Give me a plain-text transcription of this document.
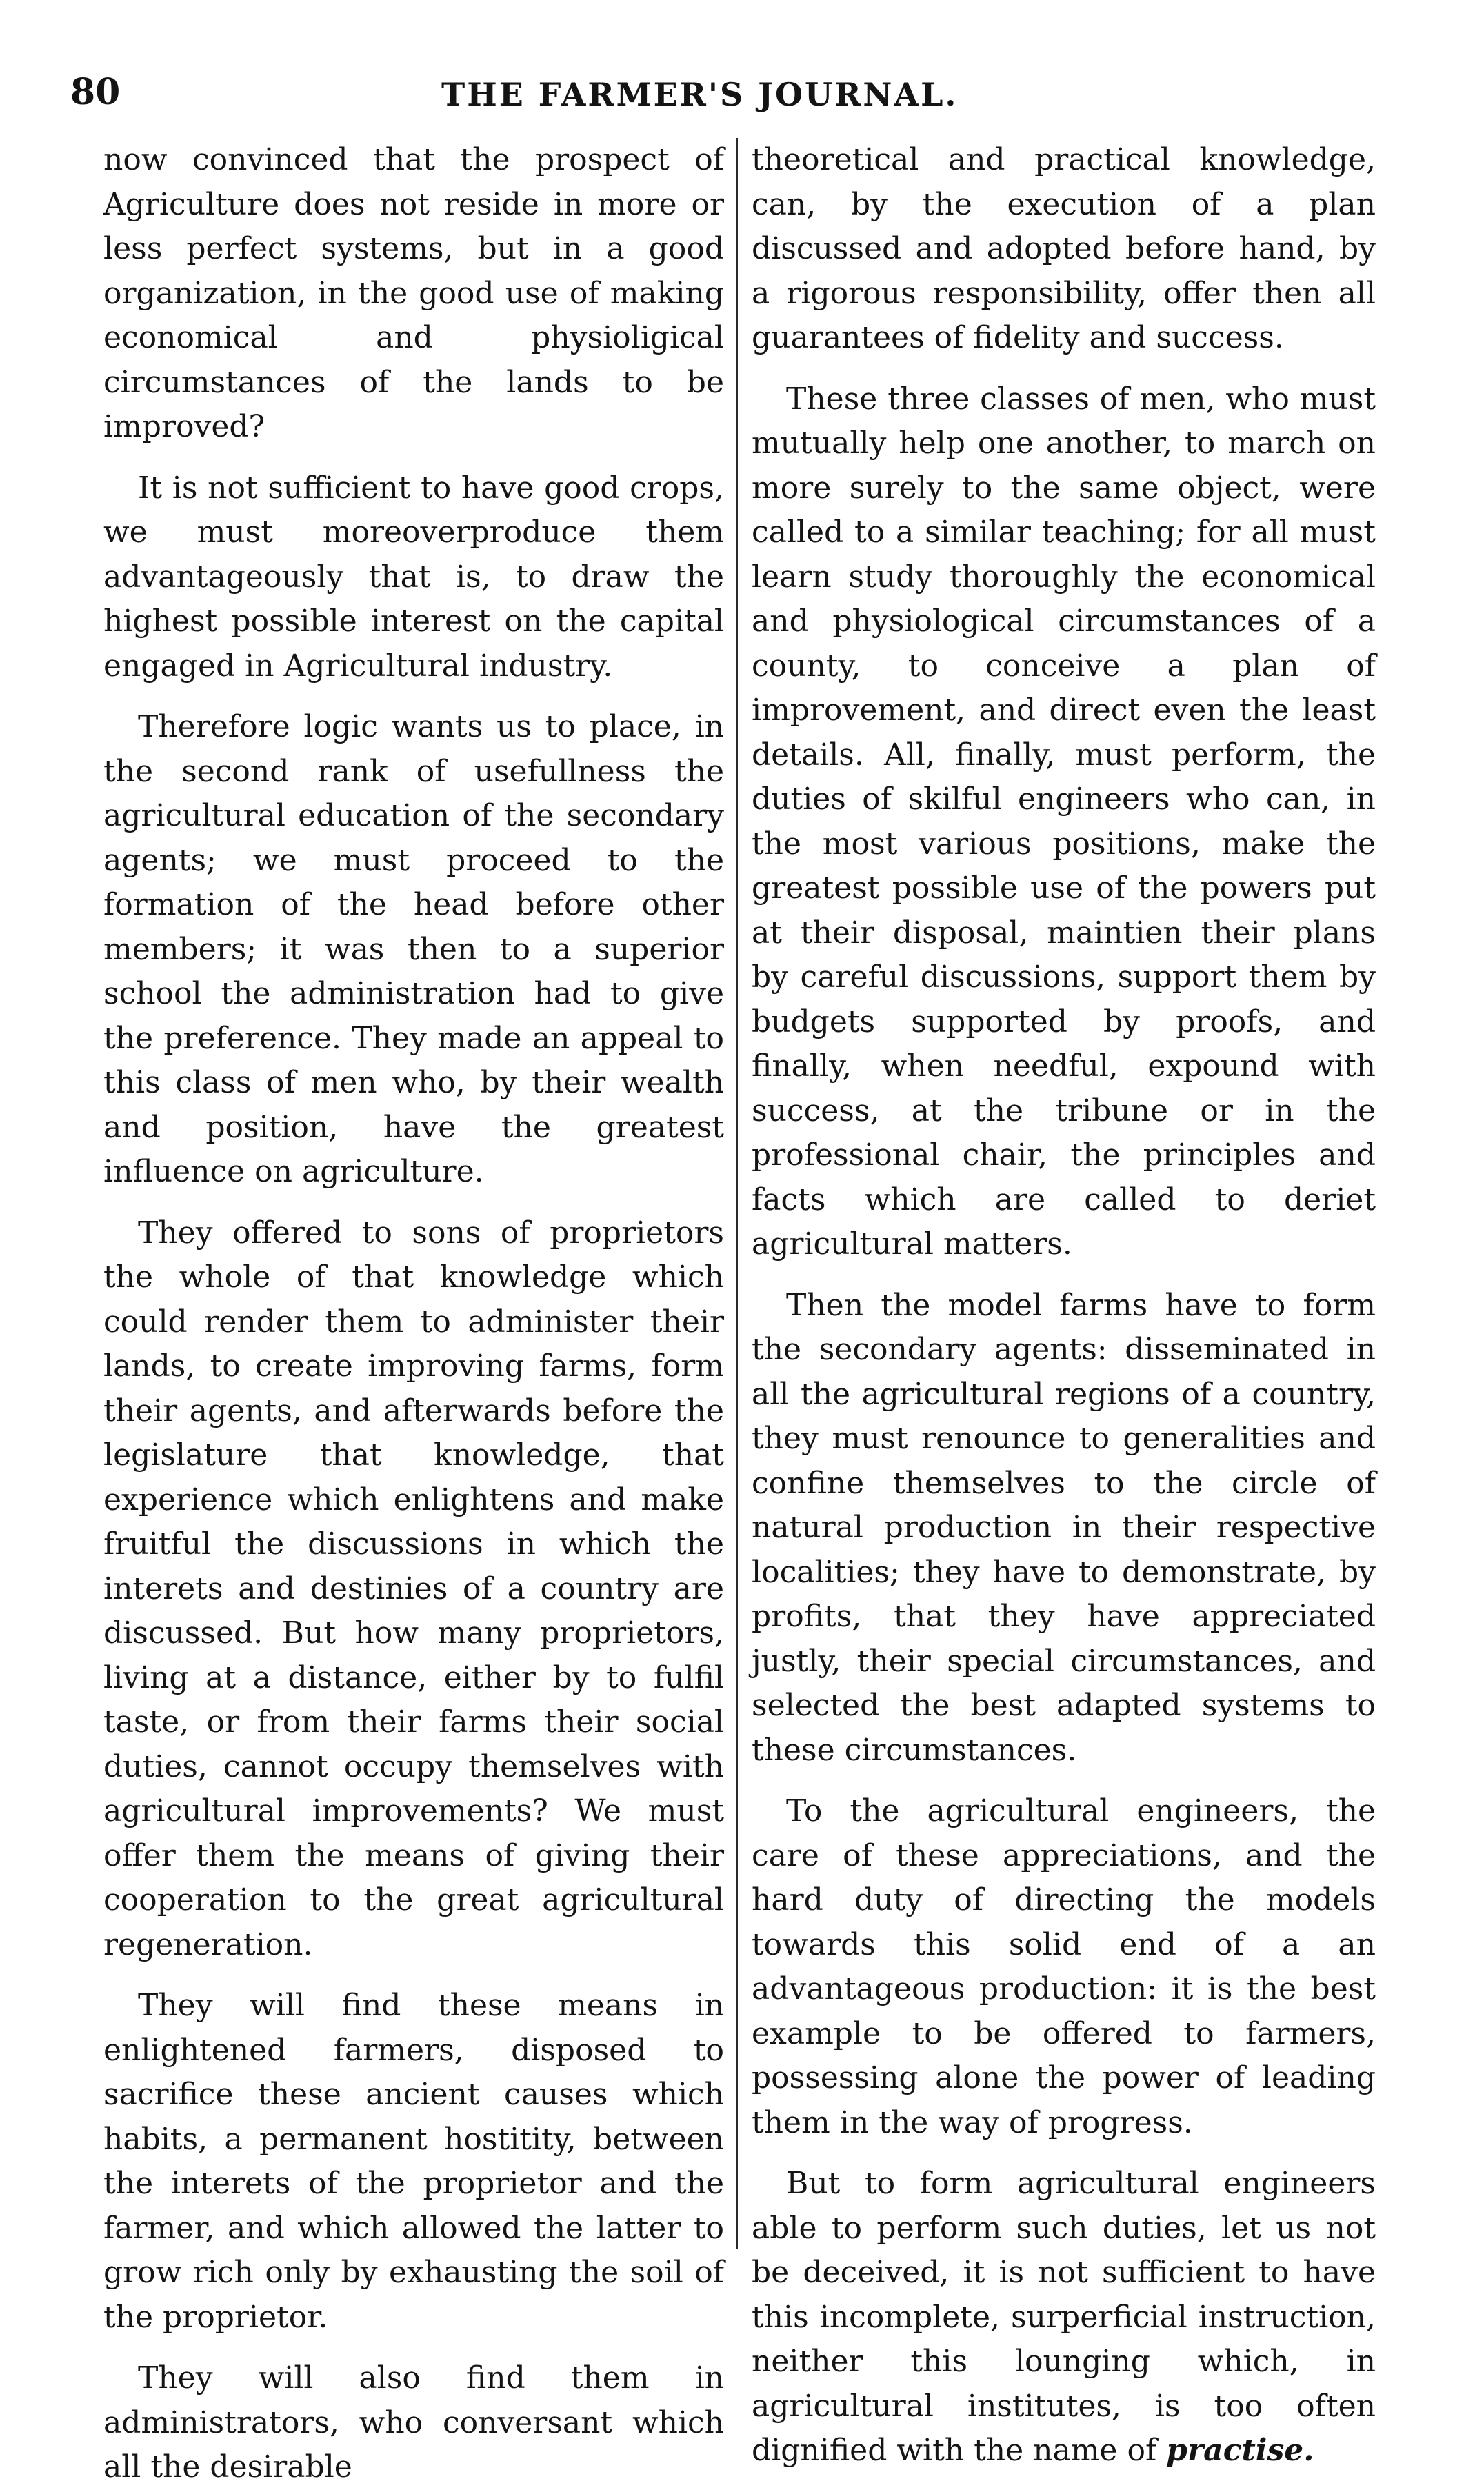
80	THE FARMER'S JOURNAL.

now convinced that the prospect of Agriculture does not reside in more or less perfect systems, but in a good organization, in the good use of making economical and physioligical circumstances of the lands to be improved?

It is not sufficient to have good crops, we must moreoverproduce them advantageously that is, to draw the highest possible interest on the capital engaged in Agricultural industry.

Therefore logic wants us to place, in the second rank of usefullness the agricultural education of the secondary agents; we must proceed to the formation of the head before other members; it was then to a superior school the administration had to give the preference. They made an appeal to this class of men who, by their wealth and position, have the greatest influence on agriculture.

They offered to sons of proprietors the whole of that knowledge which could render them to administer their lands, to create improving farms, form their agents, and afterwards before the legislature that knowledge, that experience which enlightens and make fruitful the discussions in which the interets and destinies of a country are discussed. But how many proprietors, living at a distance, either by to fulfil taste, or from their farms their social duties, cannot occupy themselves with agricultural improvements? We must offer them the means of giving their cooperation to the great agricultural regeneration.

They will find these means in enlightened farmers, disposed to sacrifice these ancient causes which habits, a permanent hostitity, between the interets of the proprietor and the farmer, and which allowed the latter to grow rich only by exhausting the soil of the proprietor.

They will also find them in administrators, who conversant which all the desirable

theoretical and practical knowledge, can, by the execution of a plan discussed and adopted before hand, by a rigorous responsibility, offer then all guarantees of fidelity and success.

These three classes of men, who must mutually help one another, to march on more surely to the same object, were called to a similar teaching; for all must learn study thoroughly the economical and physiological circumstances of a county, to conceive a plan of improvement, and direct even the least details. All, finally, must perform, the duties of skilful engineers who can, in the most various positions, make the greatest possible use of the powers put at their disposal, maintien their plans by careful discussions, support them by budgets supported by proofs, and finally, when needful, expound with success, at the tribune or in the professional chair, the principles and facts which are called to deriet agricultural matters.

Then the model farms have to form the secondary agents: disseminated in all the agricultural regions of a country, they must renounce to generalities and confine themselves to the circle of natural production in their respective localities; they have to demonstrate, by profits, that they have appreciated justly, their special circumstances, and selected the best adapted systems to these circumstances.

To the agricultural engineers, the care of these appreciations, and the hard duty of directing the models towards this solid end of a an advantageous production: it is the best example to be offered to farmers, possessing alone the power of leading them in the way of progress.

But to form agricultural engineers able to perform such duties, let us not be deceived, it is not sufficient to have this incomplete, surperficial instruction, neither this lounging which, in agricultural institutes, is too often dignified with the name of practise.
